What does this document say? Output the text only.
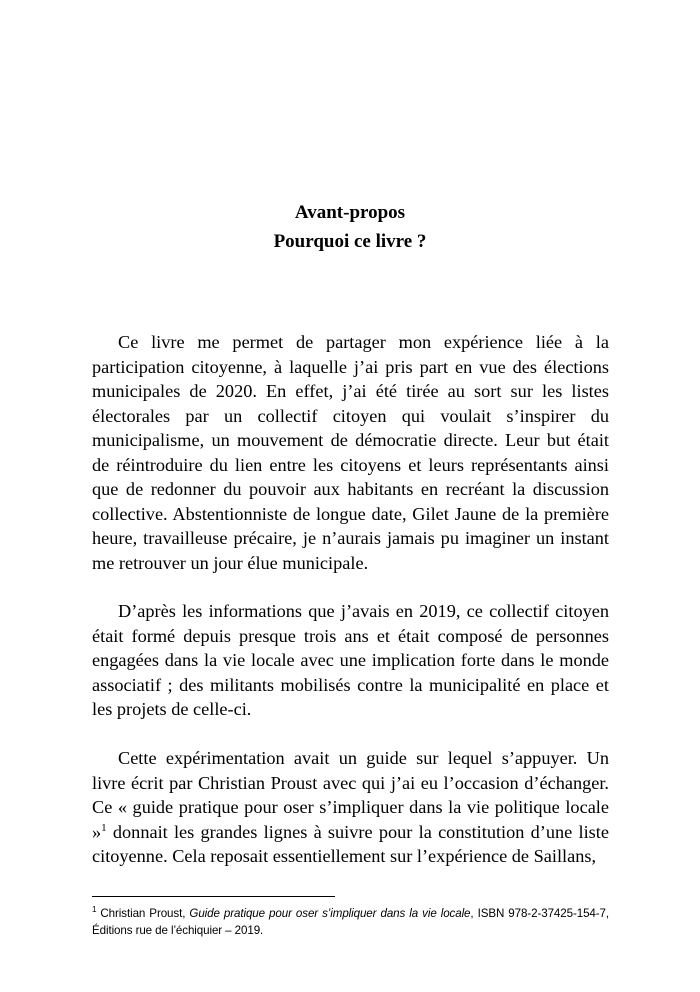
Avant-propos
Pourquoi ce livre ?

Ce livre me permet de partager mon expérience liée à la participation citoyenne, à laquelle j’ai pris part en vue des élections municipales de 2020. En effet, j’ai été tirée au sort sur les listes électorales par un collectif citoyen qui voulait s’inspirer du municipalisme, un mouvement de démocratie directe. Leur but était de réintroduire du lien entre les citoyens et leurs représentants ainsi que de redonner du pouvoir aux habitants en recréant la discussion collective. Abstentionniste de longue date, Gilet Jaune de la première heure, travailleuse précaire, je n’aurais jamais pu imaginer un instant me retrouver un jour élue municipale.

D’après les informations que j’avais en 2019, ce collectif citoyen était formé depuis presque trois ans et était composé de personnes engagées dans la vie locale avec une implication forte dans le monde associatif ; des militants mobilisés contre la municipalité en place et les projets de celle-ci.

Cette expérimentation avait un guide sur lequel s’appuyer. Un livre écrit par Christian Proust avec qui j’ai eu l’occasion d’échanger. Ce « guide pratique pour oser s’impliquer dans la vie politique locale »$^1$ donnait les grandes lignes à suivre pour la constitution d’une liste citoyenne. Cela reposait essentiellement sur l’expérience de Saillans,

$^1$ Christian Proust, Guide pratique pour oser s’impliquer dans la vie locale, ISBN 978-2-37425-154-7, Éditions rue de l’échiquier – 2019.
